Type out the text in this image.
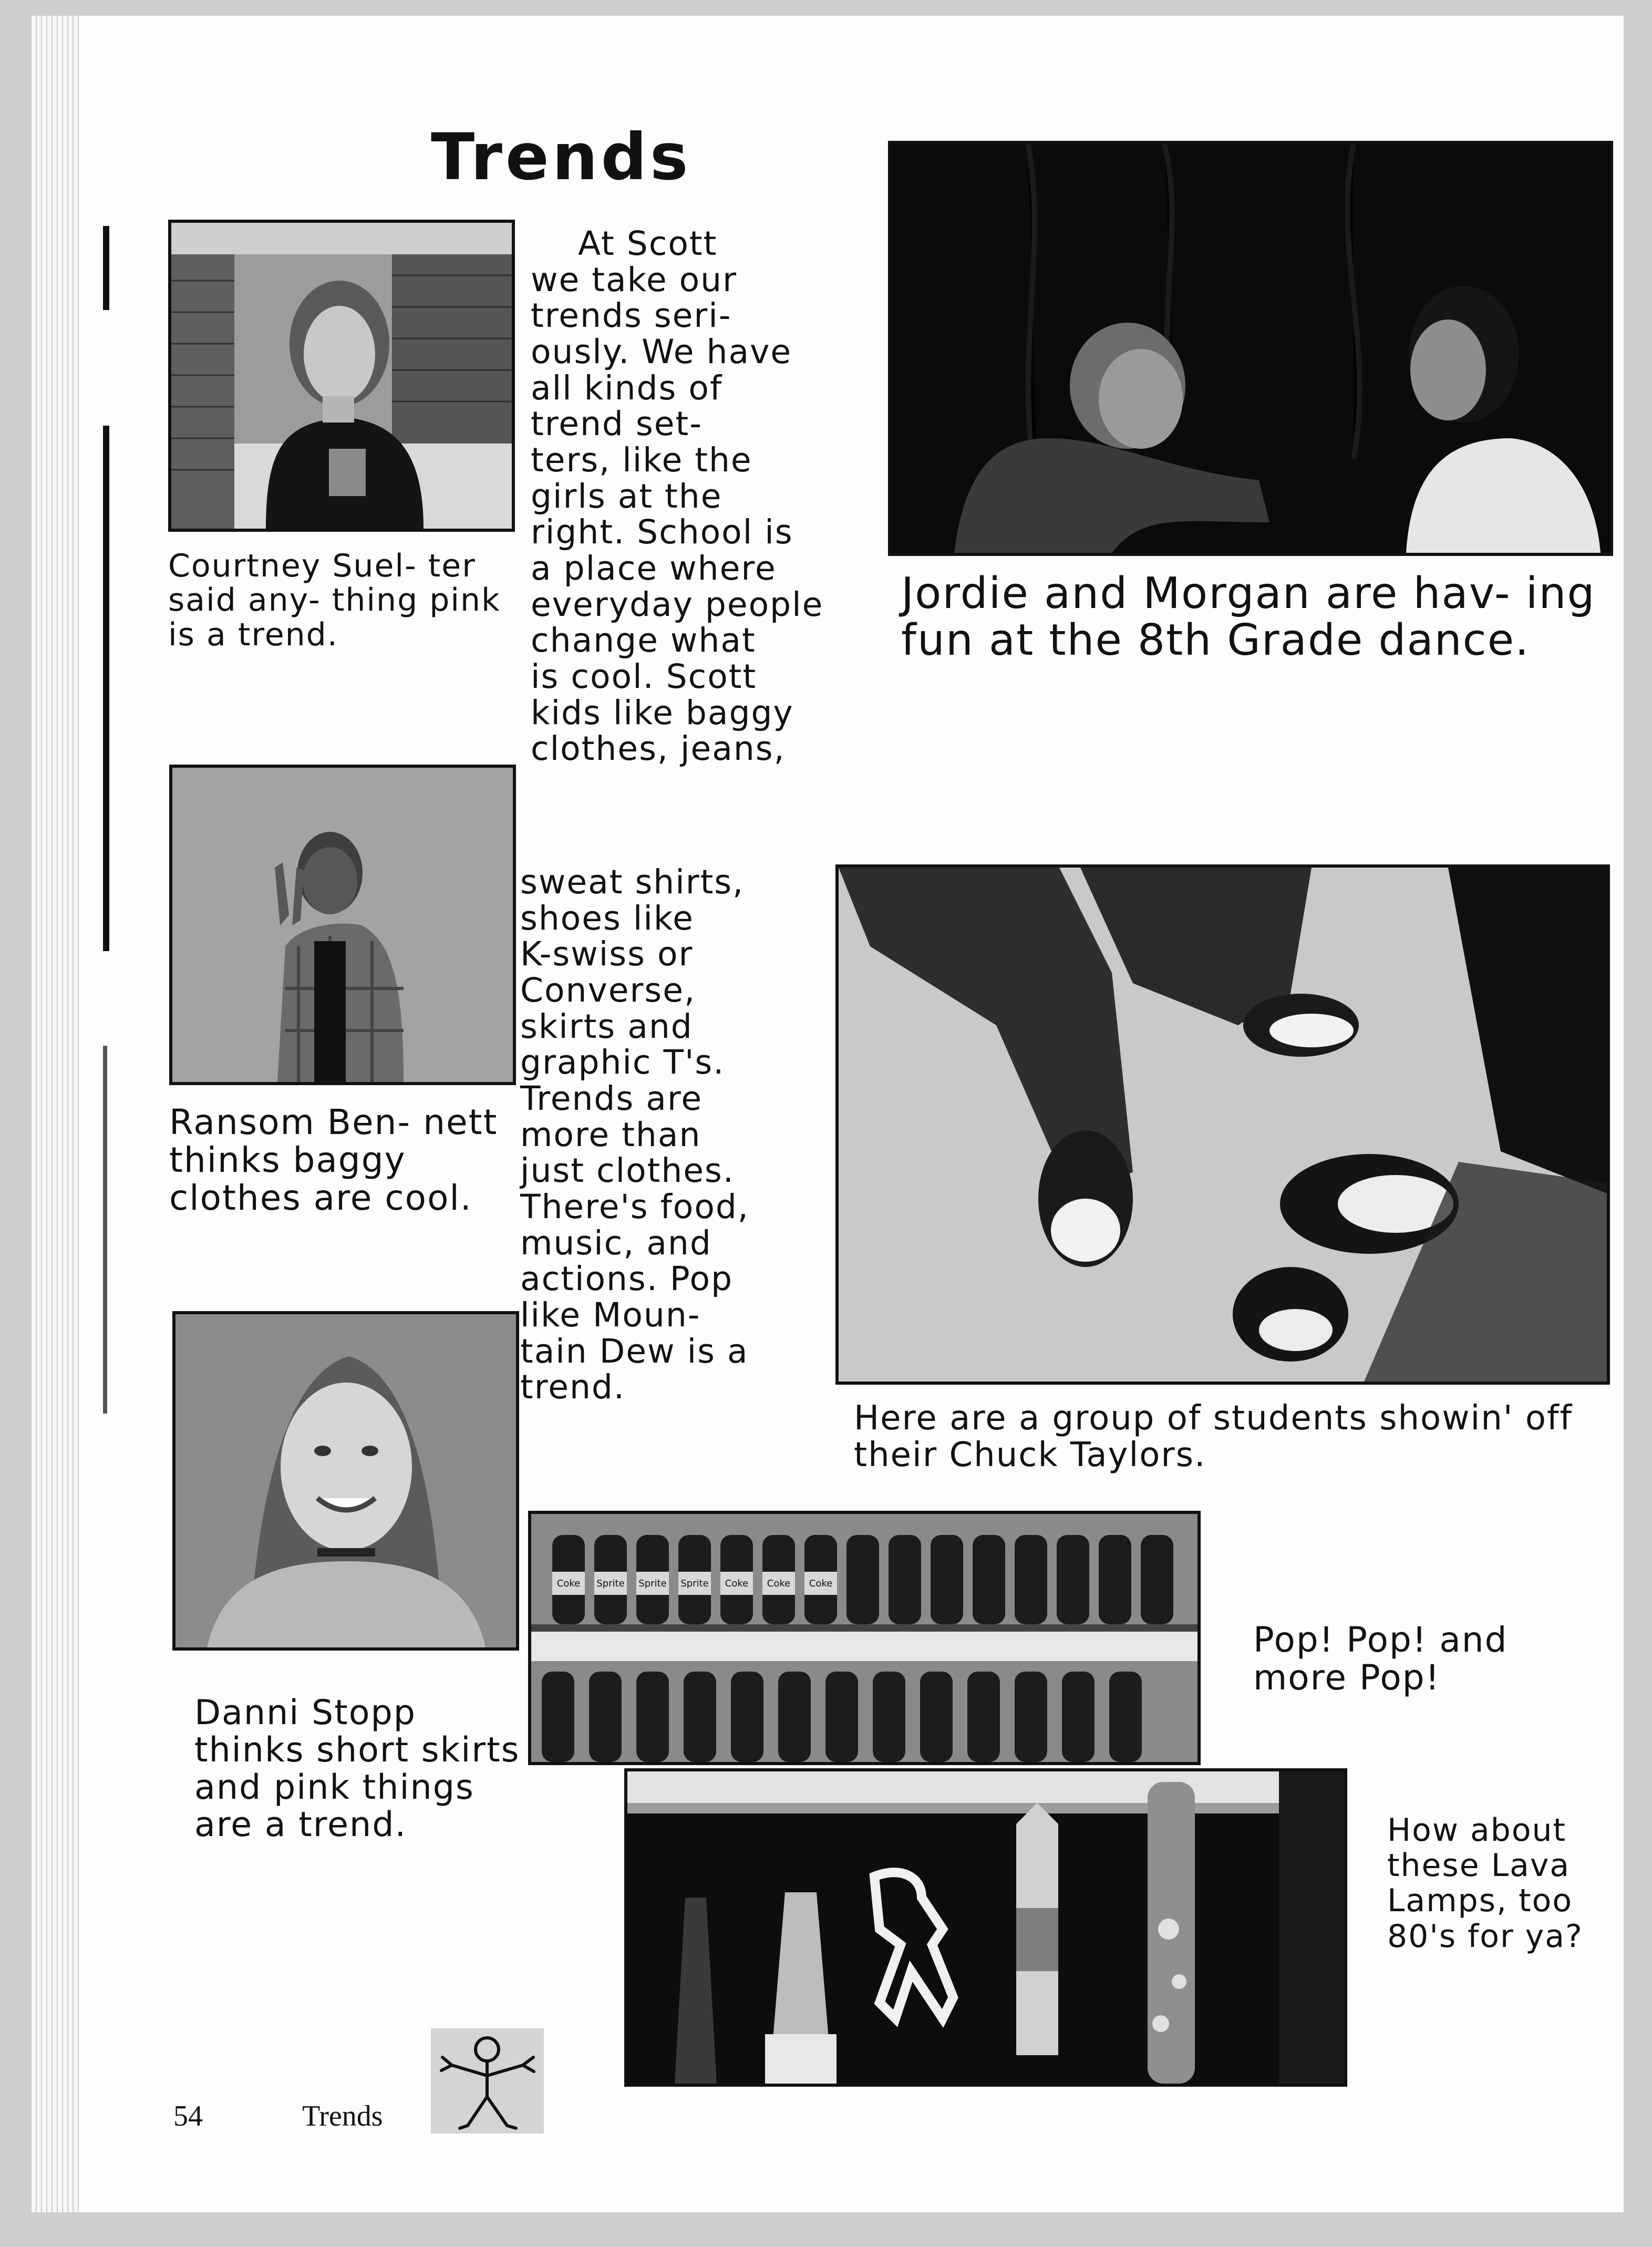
Trends

Courtney Suel- ter said any- thing pink is a trend.

At Scott
we take our
trends seri-
ously. We have
all kinds of
trend set-
ters, like the
girls at the
right. School is
a place where
everyday people
change what
is cool. Scott
kids like baggy
clothes, jeans,

Jordie and Morgan are hav- ing fun at the 8th Grade dance.

Ransom Ben- nett thinks baggy clothes are cool.

sweat shirts,
shoes like
K-swiss or
Converse,
skirts and
graphic T's.
Trends are
more than
just clothes.
There's food,
music, and
actions. Pop
like Moun-
tain Dew is a
trend.

Here are a group of students showin' off their Chuck Taylors.

Danni Stopp thinks short skirts and pink things are a trend.

Coke Sprite Sprite Sprite Coke Coke Coke

Pop! Pop! and more Pop!

How about these Lava Lamps, too 80's for ya?

54	Trends
